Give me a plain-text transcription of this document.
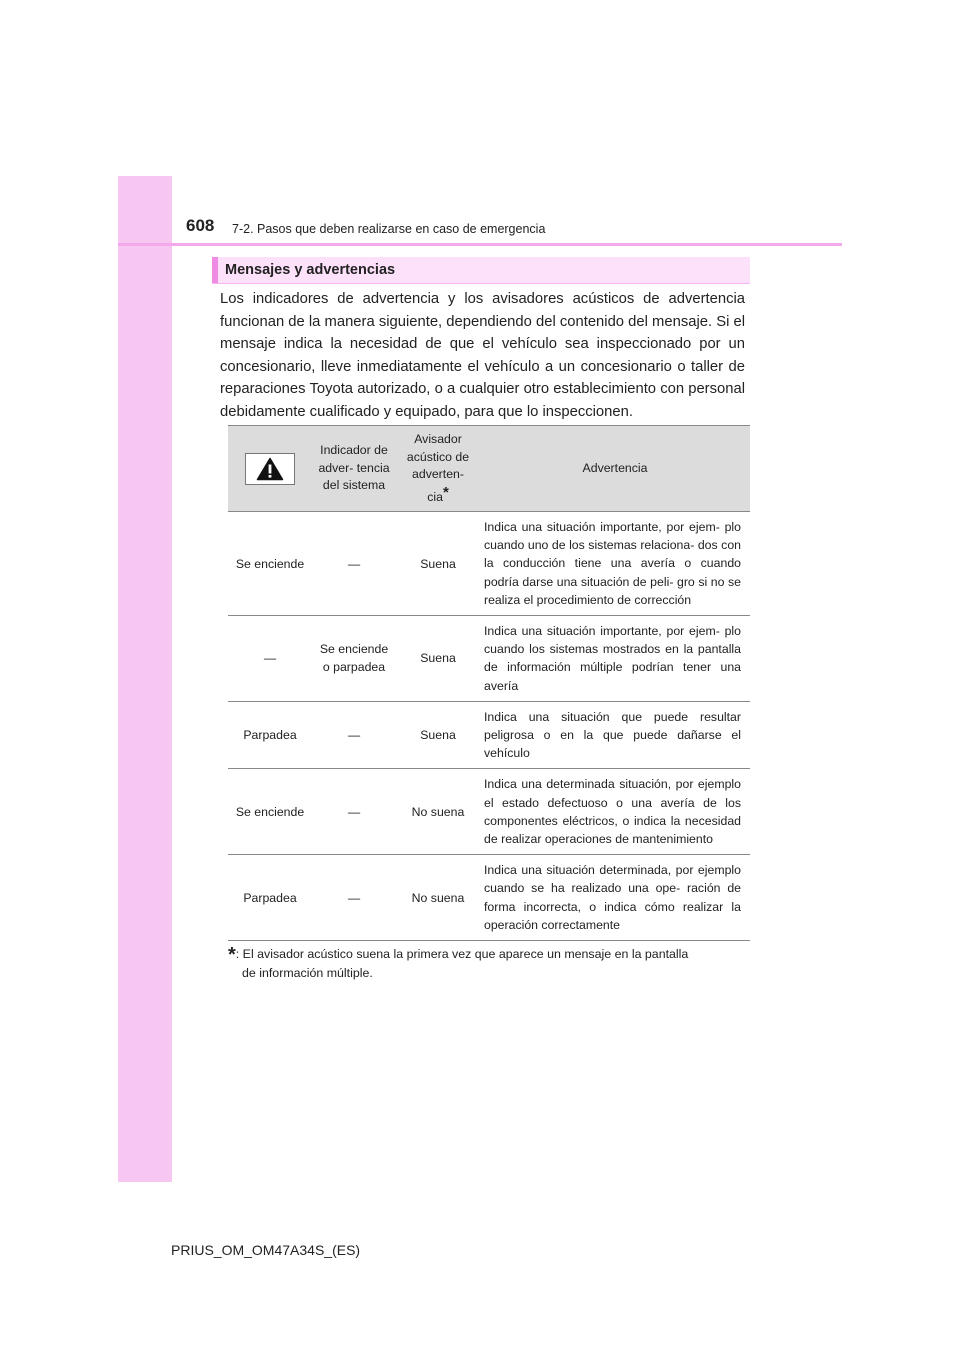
608 7-2. Pasos que deben realizarse en caso de emergencia
Mensajes y advertencias

Los indicadores de advertencia y los avisadores acústicos de advertencia funcionan de la manera siguiente, dependiendo del contenido del mensaje. Si el mensaje indica la necesidad de que el vehículo sea inspeccionado por un concesionario, lleve inmediatamente el vehículo a un concesionario o taller de reparaciones Toyota autorizado, o a cualquier otro establecimiento con personal debidamente cualificado y equipado, para que lo inspeccionen.

	Indicador de adver- tencia del sistema	Avisador acústico de adverten- cia*	Advertencia
Se enciende	—	Suena	Indica una situación importante, por ejem- plo cuando uno de los sistemas relaciona- dos con la conducción tiene una avería o cuando podría darse una situación de peli- gro si no se realiza el procedimiento de corrección
—	Se enciende o parpadea	Suena	Indica una situación importante, por ejem- plo cuando los sistemas mostrados en la pantalla de información múltiple podrían tener una avería
Parpadea	—	Suena	Indica una situación que puede resultar peligrosa o en la que puede dañarse el vehículo
Se enciende	—	No suena	Indica una determinada situación, por ejemplo el estado defectuoso o una avería de los componentes eléctricos, o indica la necesidad de realizar operaciones de mantenimiento
Parpadea	—	No suena	Indica una situación determinada, por ejemplo cuando se ha realizado una ope- ración de forma incorrecta, o indica cómo realizar la operación correctamente
*: El avisador acústico suena la primera vez que aparece un mensaje en la pantalla
de información múltiple.
PRIUS_OM_OM47A34S_(ES)
